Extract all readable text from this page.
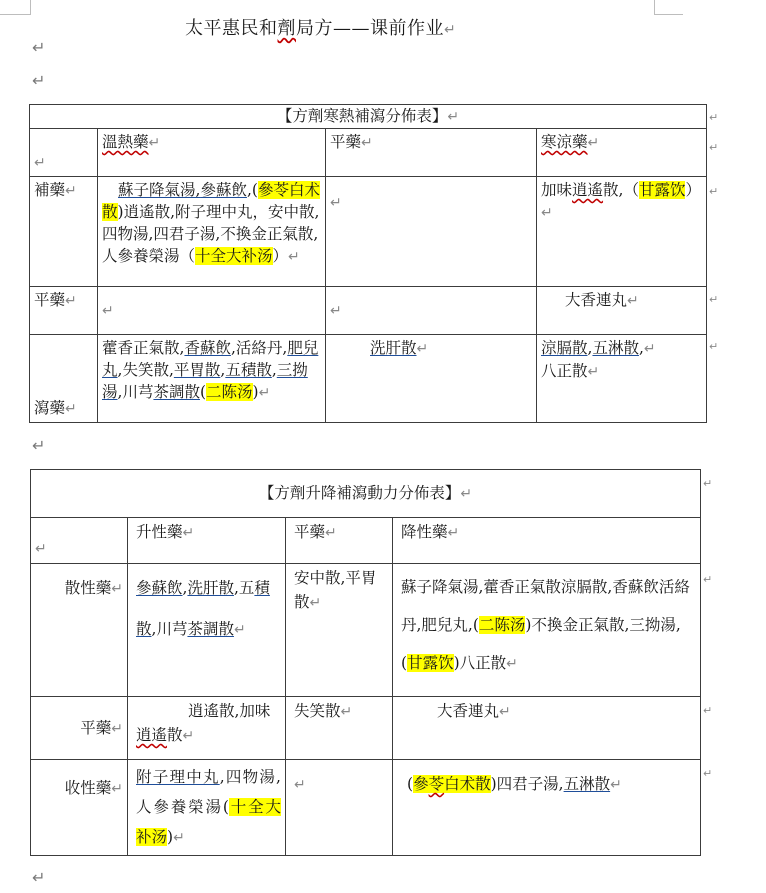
太平惠民和劑局方——课前作业↵
↵
↵
【方劑寒熱補瀉分佈表】↵			
↵	溫熱藥↵	平藥↵	寒涼藥↵
補藥↵	蘇子降氣湯,參蘇飲,(參苓白术散)逍遙散,附子理中丸，安中散,四物湯,四君子湯,不換金正氣散,人參養榮湯（十全大补汤）↵	↵	加味逍遙散,（甘露饮）↵
平藥↵	↵	↵	大香連丸↵
瀉藥↵	藿香正氣散,香蘇飲,活絡丹,肥兒丸,失笑散,平胃散,五積散,三拗湯,川芎茶調散(二陈汤)↵	洗肝散↵	涼膈散,五淋散,↵
八正散↵
↵
↵
↵
↵
↵
↵
【方劑升降補瀉動力分佈表】↵			
↵	升性藥↵	平藥↵	降性藥↵
散性藥↵	參蘇飲,洗肝散,五積散,川芎茶調散↵	安中散,平胃散↵	蘇子降氣湯,藿香正氣散涼膈散,香蘇飲活絡丹,肥兒丸,(二陈汤)不換金正氣散,三拗湯,(甘露饮)八正散↵
平藥↵	逍遙散,加味逍遙散↵	失笑散↵	大香連丸↵
收性藥↵	附子理中丸,四物湯,人參養榮湯(十全大补汤)↵	↵	(參苓白术散)四君子湯,五淋散↵
↵
↵
↵
↵
↵
